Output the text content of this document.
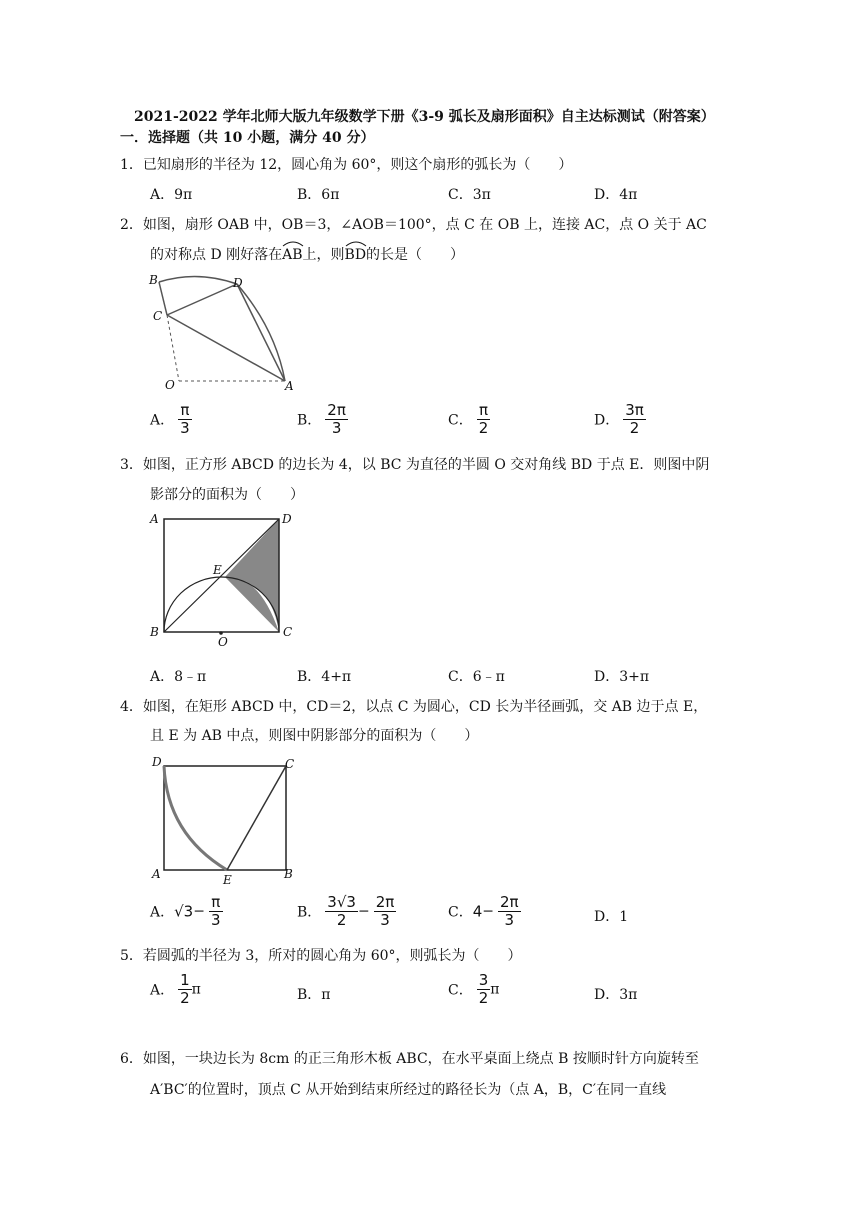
2021-2022 学年北师大版九年级数学下册《3-9 弧长及扇形面积》自主达标测试（附答案）
一．选择题（共 10 小题，满分 40 分）
1．已知扇形的半径为 12，圆心角为 60°，则这个扇形的弧长为（　　）
A．9π	B．6π	C．3π	D．4π
2．如图，扇形 OAB 中，OB＝3，∠AOB＝100°，点 C 在 OB 上，连接 AC，点 O 关于 AC
的对称点 D 刚好落在
AB上，则
BD的长是（　　）
B	D
C
O	A
A． $\frac{\pi}{3}$	B． $\frac{2\pi}{3}$	C． $\frac{\pi}{2}$	D． $\frac{3\pi}{2}$
3．如图，正方形 ABCD 的边长为 4，以 BC 为直径的半圆 O 交对角线 BD 于点 E．则图中阴
影部分的面积为（　　）
A	D
E
B
O
C
A．8﹣π	B．4+π	C．6﹣π	D．3+π
4．如图，在矩形 ABCD 中，CD＝2，以点 C 为圆心，CD 长为半径画弧，交 AB 边于点 E，
且 E 为 AB 中点，则图中阴影部分的面积为（　　）
D	C
A	E	B
A．$√3- \frac{\pi}{3}$	B． $\frac{3√3}{2} - \frac{2\pi}{3}$	C．$4- \frac{2\pi}{3}$	D．1
5．若圆弧的半径为 3，所对的圆心角为 60°，则弧长为（　　）
A． $\frac{1}{2}$ π	B．π	C． $\frac{3}{2}$ π	D．3π
6．如图，一块边长为 8cm 的正三角形木板 ABC，在水平桌面上绕点 B 按顺时针方向旋转至
A′BC′的位置时，顶点 C 从开始到结束所经过的路径长为（点 A，B，C′在同一直线
